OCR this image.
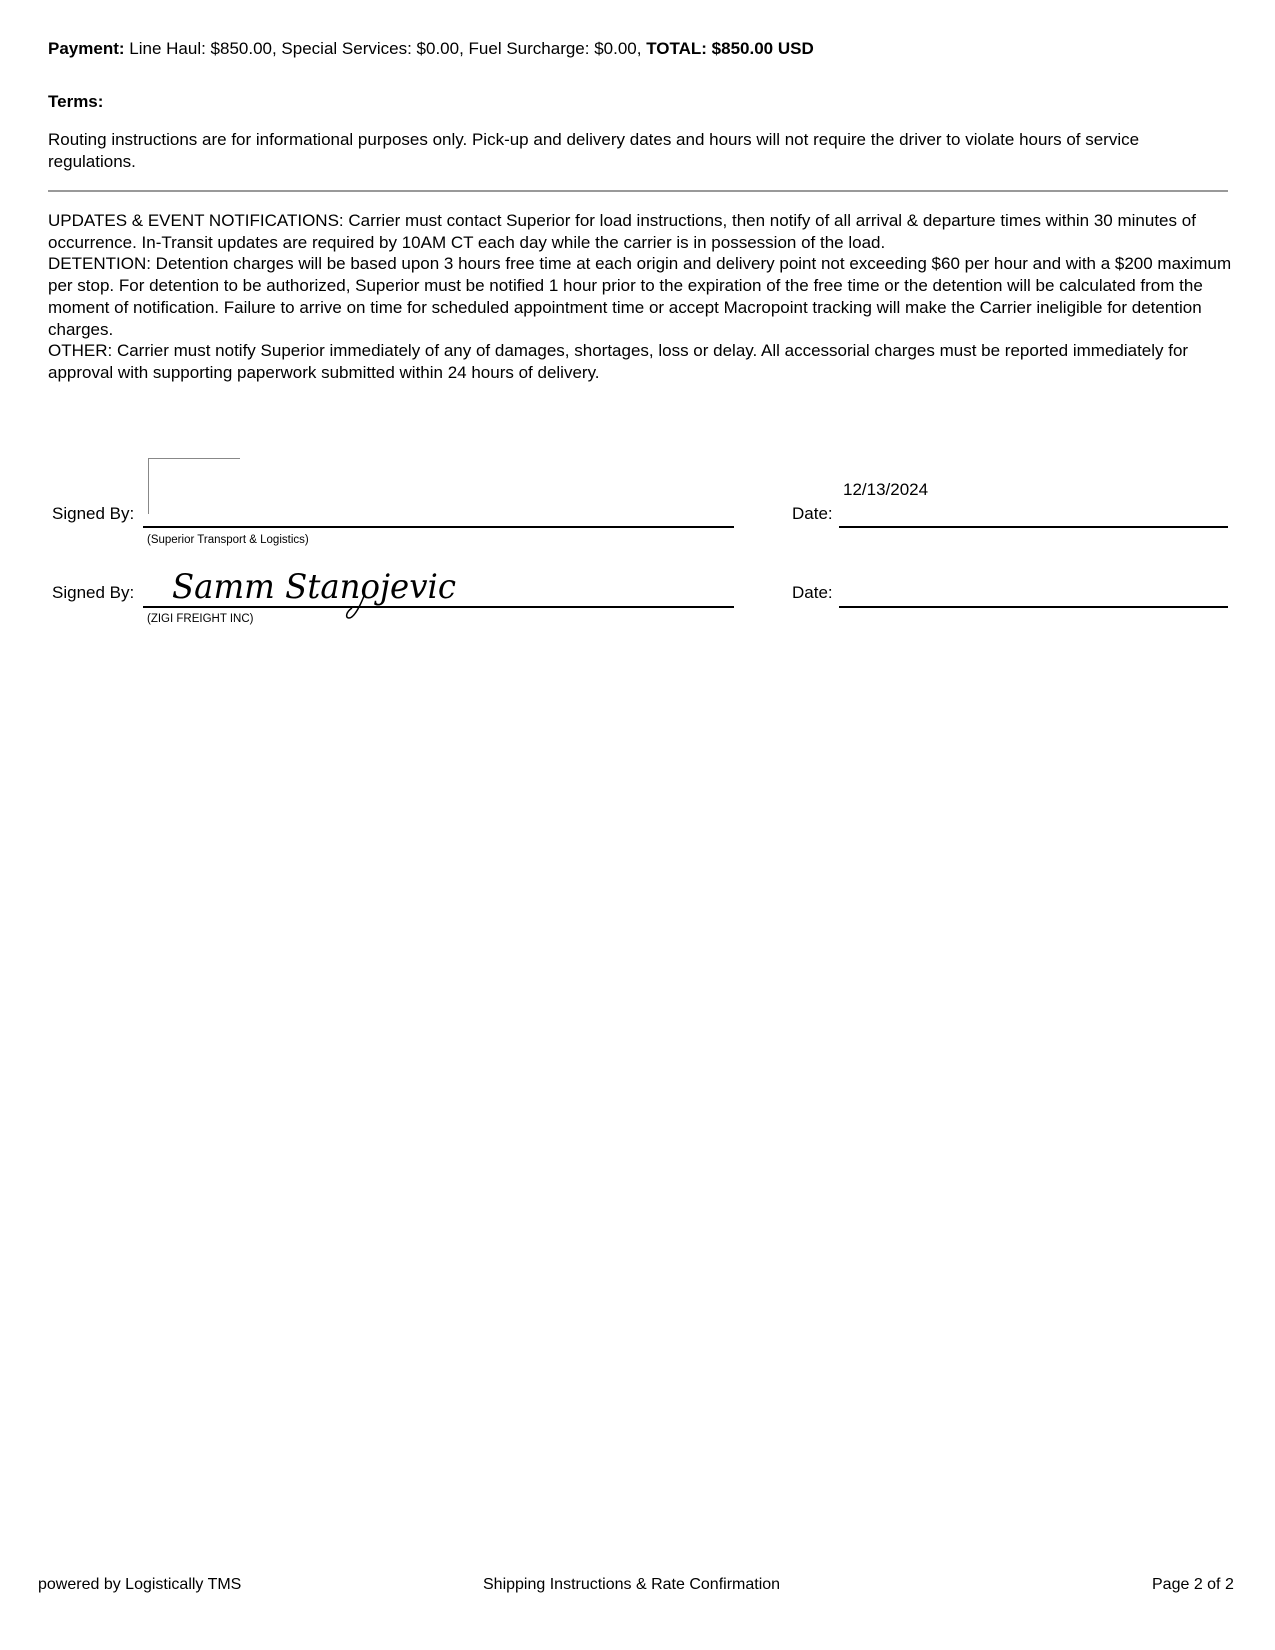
Payment: Line Haul: $850.00, Special Services: $0.00, Fuel Surcharge: $0.00, TOTAL: $850.00 USD
Terms:
Routing instructions are for informational purposes only. Pick-up and delivery dates and hours will not require the driver to violate hours of service regulations.

UPDATES & EVENT NOTIFICATIONS: Carrier must contact Superior for load instructions, then notify of all arrival & departure times within 30 minutes of occurrence. In-Transit updates are required by 10AM CT each day while the carrier is in possession of the load.

DETENTION: Detention charges will be based upon 3 hours free time at each origin and delivery point not exceeding $60 per hour and with a $200 maximum per stop. For detention to be authorized, Superior must be notified 1 hour prior to the expiration of the free time or the detention will be calculated from the moment of notification. Failure to arrive on time for scheduled appointment time or accept Macropoint tracking will make the Carrier ineligible for detention charges.

OTHER: Carrier must notify Superior immediately of any of damages, shortages, loss or delay. All accessorial charges must be reported immediately for approval with supporting paperwork submitted within 24 hours of delivery.

Signed By:
(Superior Transport & Logistics)
12/13/2024
Date:
Signed By: Samm Stanojevic
(ZIGI FREIGHT INC)
Date:
powered by Logistically TMS	Shipping Instructions & Rate Confirmation	Page 2 of 2
